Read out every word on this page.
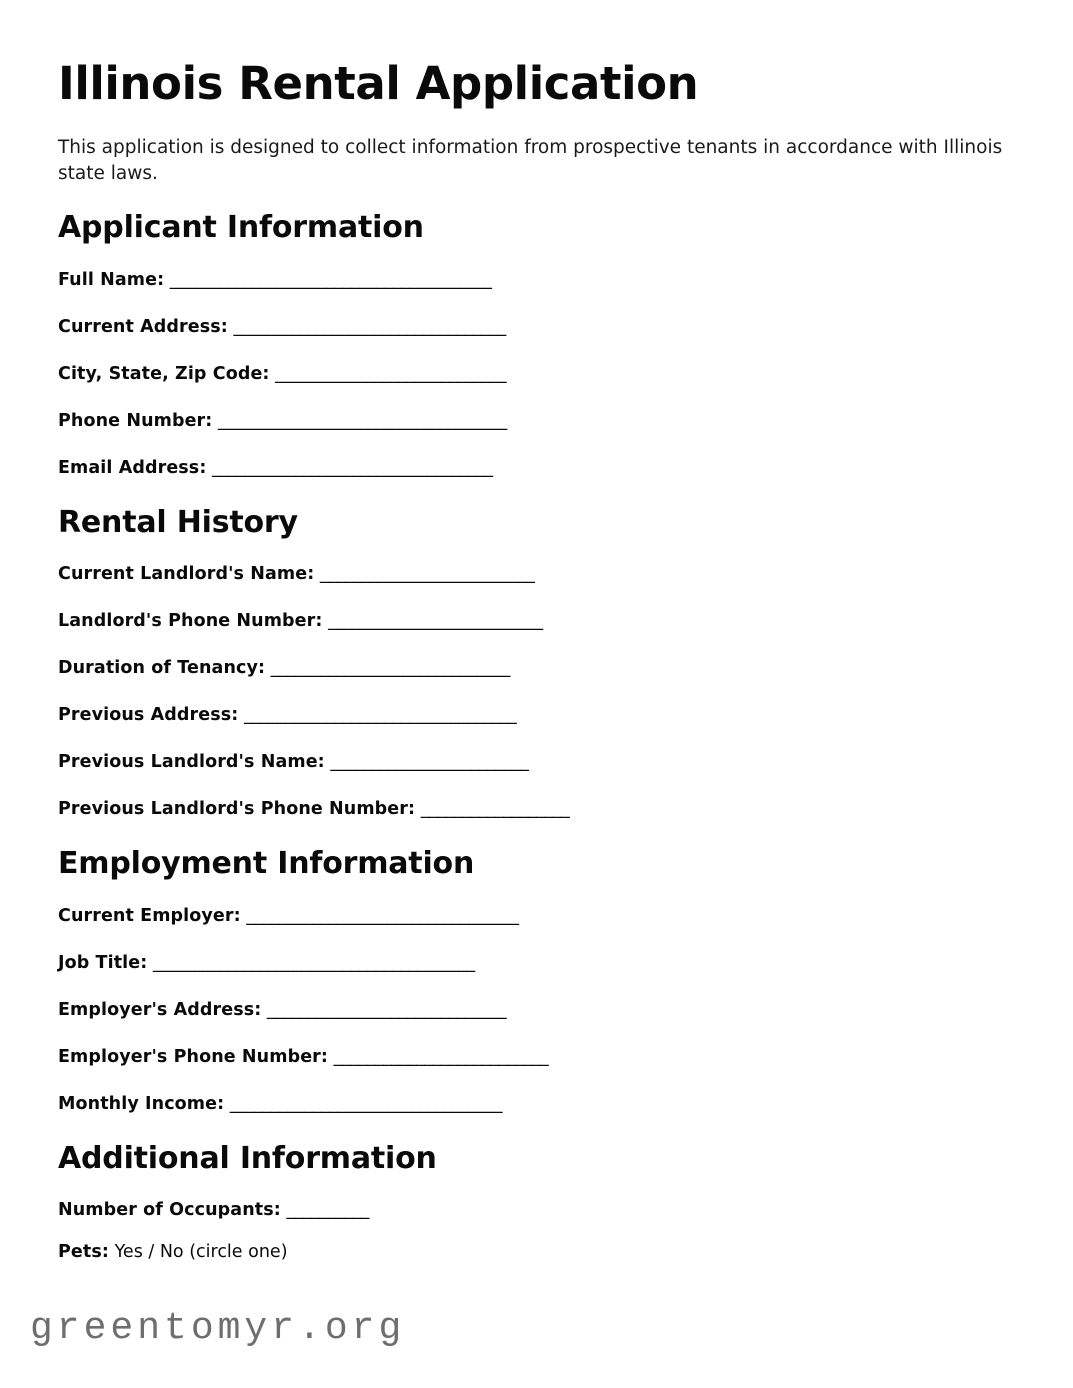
Illinois Rental Application

This application is designed to collect information from prospective tenants in accordance with Illinois state laws.

Applicant Information
Full Name: _______________________________________
Current Address: _________________________________
City, State, Zip Code: ____________________________
Phone Number: ___________________________________
Email Address: __________________________________
Rental History
Current Landlord's Name: __________________________
Landlord's Phone Number: __________________________
Duration of Tenancy: _____________________________
Previous Address: _________________________________
Previous Landlord's Name: ________________________
Previous Landlord's Phone Number: __________________
Employment Information
Current Employer: _________________________________
Job Title: _______________________________________
Employer's Address: _____________________________
Employer's Phone Number: __________________________
Monthly Income: _________________________________
Additional Information
Number of Occupants: __________
Pets: Yes / No (circle one)
greentomyr.org
